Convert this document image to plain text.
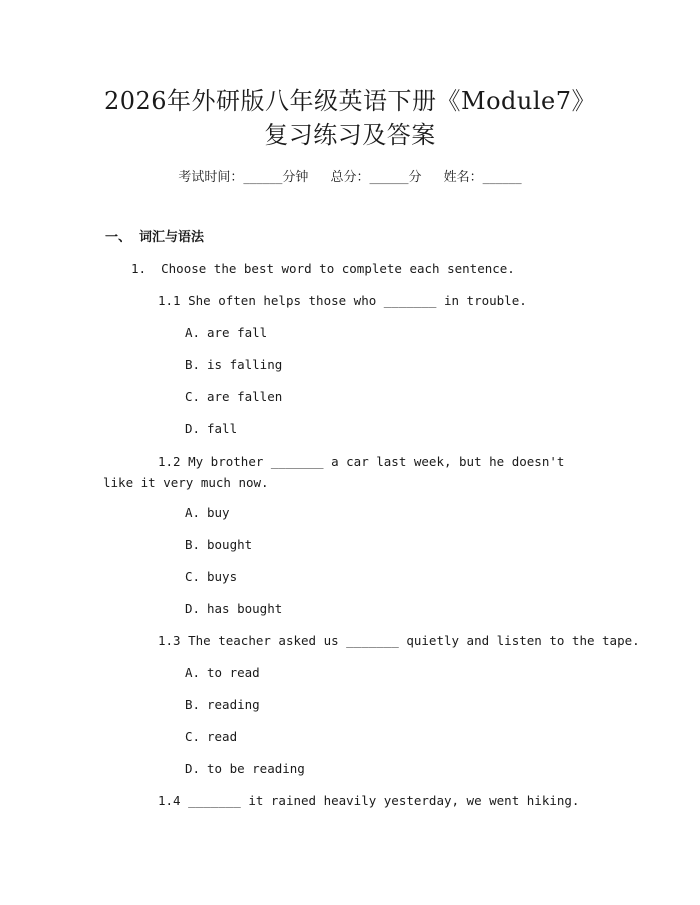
2026年外研版八年级英语下册《Module7》
复习练习及答案
考试时间：______分钟 总分：______分 姓名：______
一、 词汇与语法
1. Choose the best word to complete each sentence.
1.1 She often helps those who _______ in trouble.
A. are fall
B. is falling
C. are fallen
D. fall
1.2 My brother _______ a car last week, but he doesn't like it very much now.
A. buy
B. bought
C. buys
D. has bought
1.3 The teacher asked us _______ quietly and listen to the tape.
A. to read
B. reading
C. read
D. to be reading
1.4 _______ it rained heavily yesterday, we went hiking.
